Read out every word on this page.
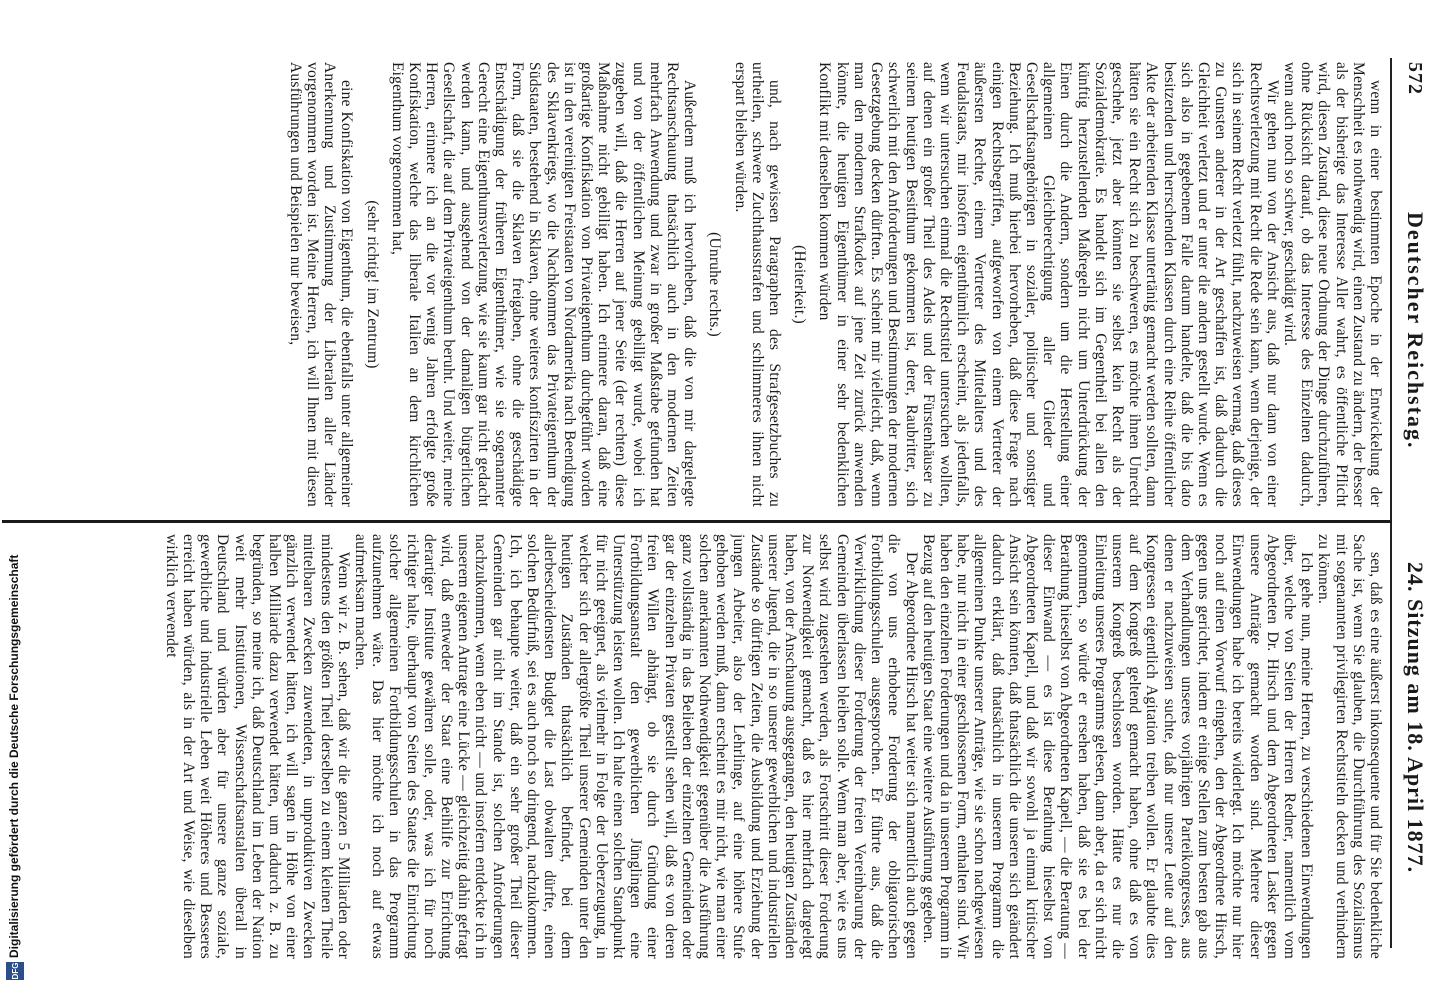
572
Deutscher Reichstag.
24. Sitzung am 18. April 1877.

wenn in einer bestimmten Epoche in der Entwickelung der Menschheit es nothwendig wird, einen Zustand zu ändern, der besser als der bisherige das Interesse Aller wahrt, es öffentliche Pflicht wird, diesen Zustand, diese neue Ordnung der Dinge durchzuführen, ohne Rücksicht darauf, ob das Interesse des Einzelnen dadurch, wenn auch noch so schwer, geschädigt wird.

Wir gehen nun von der Ansicht aus, daß nur dann von einer Rechtsverletzung mit Recht die Rede sein kann, wenn derjenige, der sich in seinem Recht verletzt fühlt, nachzuweisen vermag, daß dieses zu Gunsten anderer in der Art geschaffen ist, daß dadurch die Gleichheit verletzt und er unter die andern gestellt wurde. Wenn es sich also in gegebenem Falle darum handelte, daß die bis dato besitzenden und herrschenden Klassen durch eine Reihe öffentlicher Akte der arbeitenden Klasse untertänig gemacht werden sollten, dann hätten sie ein Recht sich zu beschweren, es möchte ihnen Unrecht geschehe, jetzt aber könnten sie selbst kein Recht als der Sozialdemokratie. Es handelt sich im Gegentheil bei allen den künftig herzustellenden Maßregeln nicht um Unterdrückung der Einen durch die Andern, sondern um die Herstellung einer allgemeinen Gleichberechtigung aller Glieder und Gesellschaftsangehörigen in sozialer, politischer und sonstiger Beziehung. Ich muß hierbei hervorheben, daß diese Frage nach einigen Rechtsbegriffen, aufgeworfen von einem Vertreter der äußersten Rechte, einem Vertreter des Mittelalters und des Feudalstaats, mir insofern eigenthümlich erscheint, als jedenfalls, wenn wir untersuchen einmal die Rechtstitel untersuchen wollten, auf denen ein großer Theil des Adels und der Fürstenhäuser zu seinem heutigen Besitthum gekommen ist, derer, Raubritter, sich schwerlich mit den Anforderungen und Bestimmungen der modernen Gesetzgebung decken dürften. Es scheint mir vielleicht, daß, wenn man den modernen Strafkodex auf jene Zeit zurück anwenden könnte, die heutigen Eigenthümer in einer sehr bedenklichen Konflikt mit denselben kommen würden

(Heiterkeit.)

und, nach gewissen Paragraphen des Strafgesetzbuches zu urtheilen, schwere Zuchthausstrafen und schlimmeres ihnen nicht erspart bleiben würden.

(Unruhe rechts.)

Außerdem muß ich hervorheben, daß die von mir dargelegte Rechtsanschauung thatsächlich auch in den modernen Zeiten mehrfach Anwendung und zwar in großer Maßstabe gefunden hat und von der öffentlichen Meinung gebilligt wurde, wobei ich zugeben will, daß die Herren auf jener Seite (der rechten) diese Maßnahme nicht gebilligt haben. Ich erinnere daran, daß eine großartige Konfiskation von Privateigenthum durchgeführt worden ist in den vereinigten Freistaaten von Nordamerika nach Beendigung des Sklavenkriegs, wo die Nachkommen das Privateigenthum der Südstaaten, bestehend in Sklaven, ohne weiteres konfiszirten in der Form, daß sie die Sklaven freigaben, ohne die geschädigte Entschädigung der früheren Eigenthümer, wie sie sogenannter Gerecht eine Eigenthumsverletzung, wie sie kaum gar nicht gedacht werden kann, und ausgehend von der damaligen bürgerlichen Gesellschaft, die auf dem Privateigenthum beruht. Und weiter, meine Herren, erinnere ich an die vor wenig Jahren erfolgte große Konfiskation, welche das liberale Italien an dem kirchlichen Eigenthum vorgenommen hat,

(sehr richtig! im Zentrum)

eine Konfiskation von Eigenthum, die ebenfalls unter allgemeiner Anerkennung und Zustimmung der Liberalen aller Länder vorgenommen worden ist. Meine Herren, ich will Ihnen mit diesen Ausführungen und Beispielen nur beweisen,

sen, daß es eine äußerst inkonsequente und für Sie bedenkliche Sache ist, wenn Sie glauben, die Durchführung des Sozialismus mit sogenannten privilegirten Rechtstiteln decken und verhindern zu können.

Ich gehe nun, meine Herren, zu verschiedenen Einwendungen über, welche von Seiten der Herren Redner, namentlich vom Abgeordneten Dr. Hirsch und dem Abgeordneten Lasker gegen unsere Anträge gemacht worden sind. Mehrere dieser Einwendungen habe ich bereits widerlegt. Ich möchte nur hier noch auf einen Vorwurf eingehen, den der Abgeordnete Hirsch, gegen uns gerichtet, indem er einige Stellen zum besten gab aus dem Verhandlungen unseres vorjährigen Parteikongresses, aus denen er nachzuweisen suchte, daß nur unsere Leute auf den Kongressen eigentlich Agitation treiben wollen. Er glaubte dies auf dem Kongreß geltend gemacht haben, ohne daß es von unserem Kongreß beschlossen worden. Hätte es nur die Einleitung unseres Programms gelesen, dann aber, da er sich nicht genommen, so würde er ersehen haben, daß sie es bei der Berathung hieselbst von Abgeordneten Kapell, — die Beratung — dieser Einwand — es ist diese Berathung hieselbst von Abgeordneten Kapell, und daß wir sowohl ja einmal kritischer Ansicht sein könnten, daß thatsächlich die unseren sich geändert dadurch erklärt, daß thatsächlich in unserem Programm die allgemeinen Punkte unserer Anträge, wie sie schon nachgewiesen habe, nur nicht in einer geschlossenen Form, enthalten sind. Wir haben den einzelnen Forderungen und da in unserem Programm in Bezug auf den heutigen Staat eine weitere Ausführung gegeben.

Der Abgeordnete Hirsch hat weiter sich namentlich auch gegen die von uns erhobene Forderung der obligatorischen Fortbildungsschulen ausgesprochen. Er führte aus, daß die Verwirklichung dieser Forderung der freien Vereinbarung der Gemeinden überlassen bleiben solle. Wenn man aber, wie es uns selbst wird zugestehen werden, als Fortschritt dieser Forderung zur Notwendigkeit gemacht, daß es hier mehrfach dargelegt haben, von der Anschauung ausgegangen, den heutigen Zuständen unserer Jugend, die in so unserer gewerblichen und industriellen Zustände so dürftigen Zeiten, die Ausbildung und Erziehung der jungen Arbeiter, also der Lehrlinge, auf eine höhere Stufe gehoben werden muß, dann erscheint es mir nicht, wie man einer solchen anerkannten Nothwendigkeit gegenüber die Ausführung ganz vollständig in das Belieben der einzelnen Gemeinden oder gar der einzelnen Privaten gestellt sehen will, daß es von deren freien Willen abhängt, ob sie durch Gründung einer Fortbildungsanstalt den gewerblichen Jünglingen eine Unterstützung leisten wollen. Ich halte einen solchen Standpunkt für nicht geeignet, als vielmehr in Folge der Ueberzeugung, in welcher sich der allergrößte Theil unserer Gemeinden unter den heutigen Zuständen thatsächlich befindet, bei dem allerbescheidensten Budget die Last obwalten dürfte, einen solchen Bedürfniß, sei es auch noch so dringend, nachzukommen. Ich, ich behaupte weiter, daß ein sehr großer Theil dieser Gemeinden gar nicht im Stande ist, solchen Anforderungen nachzukommen, wenn eben nicht — und insofern entdeckte ich in unserem eigenen Antrage eine Lücke — gleichzeitig dahin gefragt wird, daß entweder der Staat eine Beihilfe zur Errichtung derartiger Institute gewähren solle, oder, was ich für noch richtiger halte, überhaupt von Seiten des Staates die Einrichtung solcher allgemeinen Fortbildungsschulen in das Programm aufzunehmen wäre. Das hier möchte ich noch auf etwas aufmerksam machen.

Wenn wir z. B. sehen, daß wir die ganzen 5 Milliarden oder mindestens den größten Theil derselben zu einem kleinen Theile mittelbaren Zwecken zuwendeten, in unproduktiven Zwecken gänzlich verwendet hätten, ich will sagen in Höhe von einer halben Milliarde dazu verwendet hätten, um dadurch z. B. zu begründen, so meine ich, daß Deutschland im Leben der Nation weit mehr Institutionen, Wissenschaftsanstalten überall in Deutschland und würden aber für unsere ganze soziale, gewerbliche und industrielle Leben weit Höheres und Besseres erreicht haben würden, als in der Art und Weise, wie dieselben wirklich verwendet

Digitalisierung gefördert durch die Deutsche Forschungsgemeinschaft
DFG
